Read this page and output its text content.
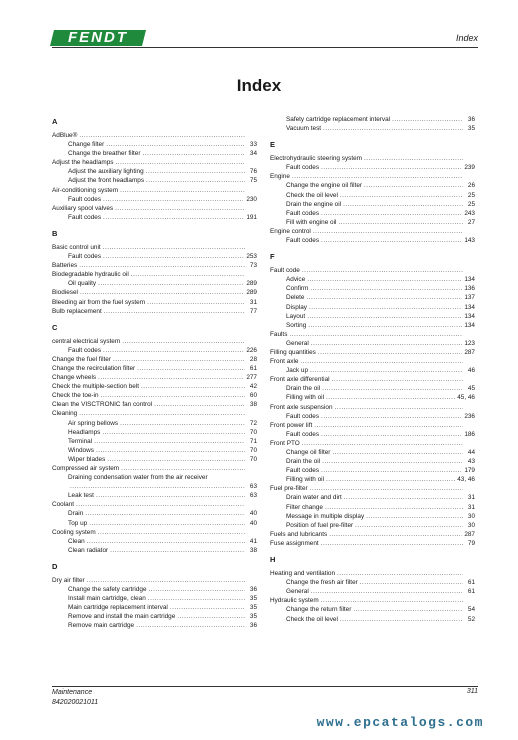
FENDT	Index
Index
A
AdBlue®
.....
Change filter .....	33
Change the breather filter .....	34
Adjust the headlamps
.....
Adjust the auxiliary lighting .....	76
Adjust the front headlamps .....	75
Air-conditioning system
.....
Fault codes .....	230
Auxiliary spool valves
.....
Fault codes .....	191
B
Basic control unit
.....
Fault codes .....	253
Batteries .....	73
Biodegradable hydraulic oil
.....
Oil quality .....	289
Biodiesel .....	289
Bleeding air from the fuel system .....	31
Bulb replacement .....	77
C
central electrical system
.....
Fault codes .....	226
Change the fuel filter .....	28
Change the recirculation filter .....	61
Change wheels .....	277
Check the multiple-section belt .....	42
Check the toe-in .....	60
Clean the VISCTRONIC fan control .....	38
Cleaning
.....
Air spring bellows .....	72
Headlamps .....	70
Terminal .....	71
Windows .....	70
Wiper blades .....	70
Compressed air system
.....
Draining condensation water from the air receiver
.....
63
Leak test .....	63
Coolant
.....
Drain .....	40
Top up .....	40
Cooling system
.....
Clean .....	41
Clean radiator .....	38
D
Dry air filter
.....
Change the safety cartridge .....	36
Install main cartridge, clean .....	35
Main cartridge replacement interval .....	35
Remove and install the main cartridge .....	35
Remove main cartridge .....	36
Safety cartridge replacement interval .....	36
Vacuum test .....	35
E
Electrohydraulic steering system
.....
Fault codes .....	239
Engine
.....
Change the engine oil filter .....	26
Check the oil level .....	25
Drain the engine oil .....	25
Fault codes .....	243
Fill with engine oil .....	27
Engine control
.....
Fault codes .....	143
F
Fault code
.....
Advice .....	134
Confirm .....	136
Delete .....	137
Display .....	134
Layout .....	134
Sorting .....	134
Faults
.....
General .....	123
Filling quantities .....	287
Front axle
.....
Jack up .....	46
Front axle differential
.....
Drain the oil .....	45
Filling with oil .....	45, 46
Front axle suspension
.....
Fault codes .....	236
Front power lift
.....
Fault codes .....	186
Front PTO
.....
Change oil filter .....	44
Drain the oil .....	43
Fault codes .....	179
Filling with oil .....	43, 46
Fuel pre-filter
.....
Drain water and dirt .....	31
Filter change .....	31
Message in multiple display .....	30
Position of fuel pre-filter .....	30
Fuels and lubricants .....	287
Fuse assignment .....	79
H
Heating and ventilation
.....
Change the fresh air filter .....	61
General .....	61
Hydraulic system
.....
Change the return filter .....	54
Check the oil level .....	52
Maintenance
842020021011
311
www.epcatalogs.com
